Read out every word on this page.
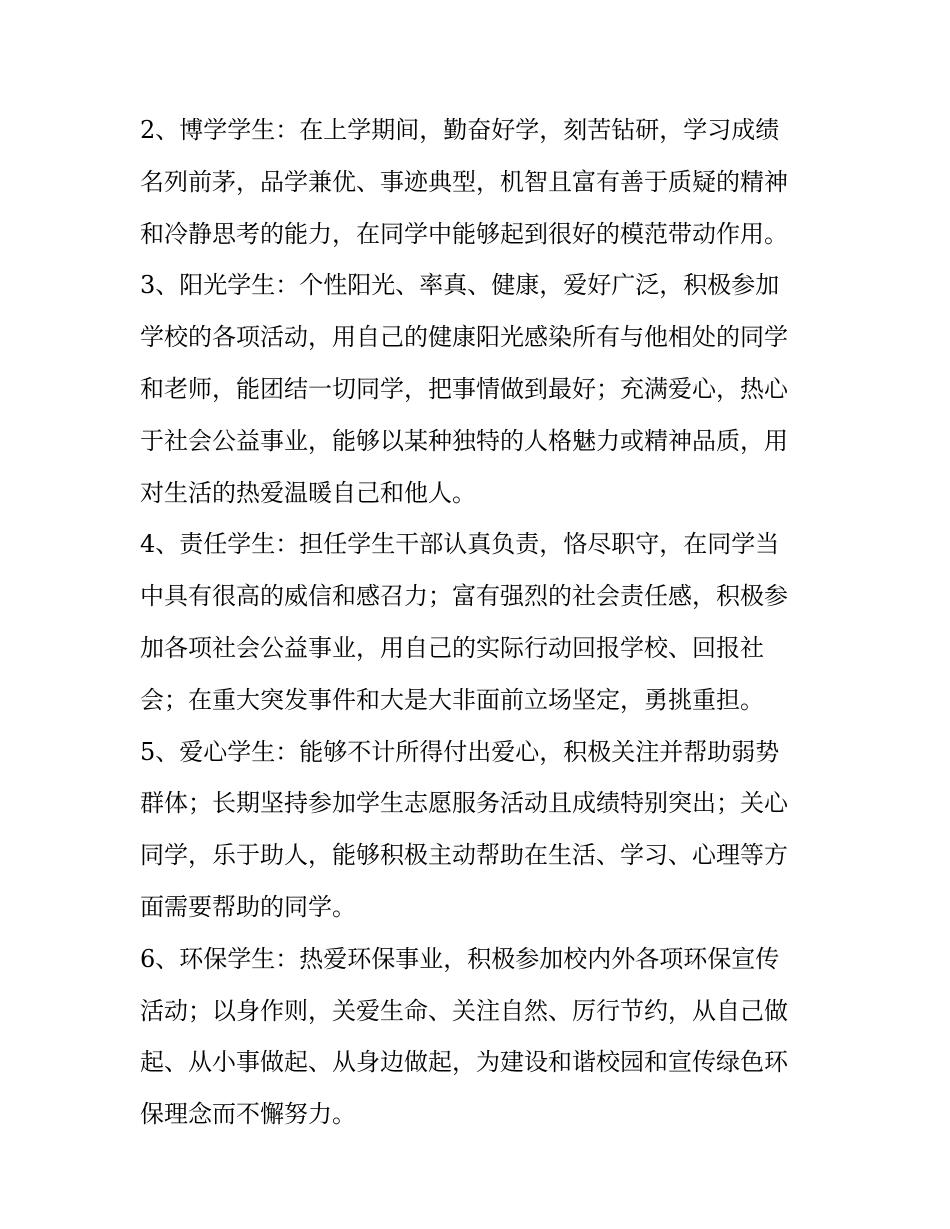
2、博学学生：在上学期间，勤奋好学，刻苦钻研，学习成绩
名列前茅，品学兼优、事迹典型，机智且富有善于质疑的精神
和冷静思考的能力，在同学中能够起到很好的模范带动作用。
3、阳光学生：个性阳光、率真、健康，爱好广泛，积极参加
学校的各项活动，用自己的健康阳光感染所有与他相处的同学
和老师，能团结一切同学，把事情做到最好；充满爱心，热心
于社会公益事业，能够以某种独特的人格魅力或精神品质，用
对生活的热爱温暖自己和他人。
4、责任学生：担任学生干部认真负责，恪尽职守，在同学当
中具有很高的威信和感召力；富有强烈的社会责任感，积极参
加各项社会公益事业，用自己的实际行动回报学校、回报社
会；在重大突发事件和大是大非面前立场坚定，勇挑重担。
5、爱心学生：能够不计所得付出爱心，积极关注并帮助弱势
群体；长期坚持参加学生志愿服务活动且成绩特别突出；关心
同学，乐于助人，能够积极主动帮助在生活、学习、心理等方
面需要帮助的同学。
6、环保学生：热爱环保事业，积极参加校内外各项环保宣传
活动；以身作则，关爱生命、关注自然、厉行节约，从自己做
起、从小事做起、从身边做起，为建设和谐校园和宣传绿色环
保理念而不懈努力。
